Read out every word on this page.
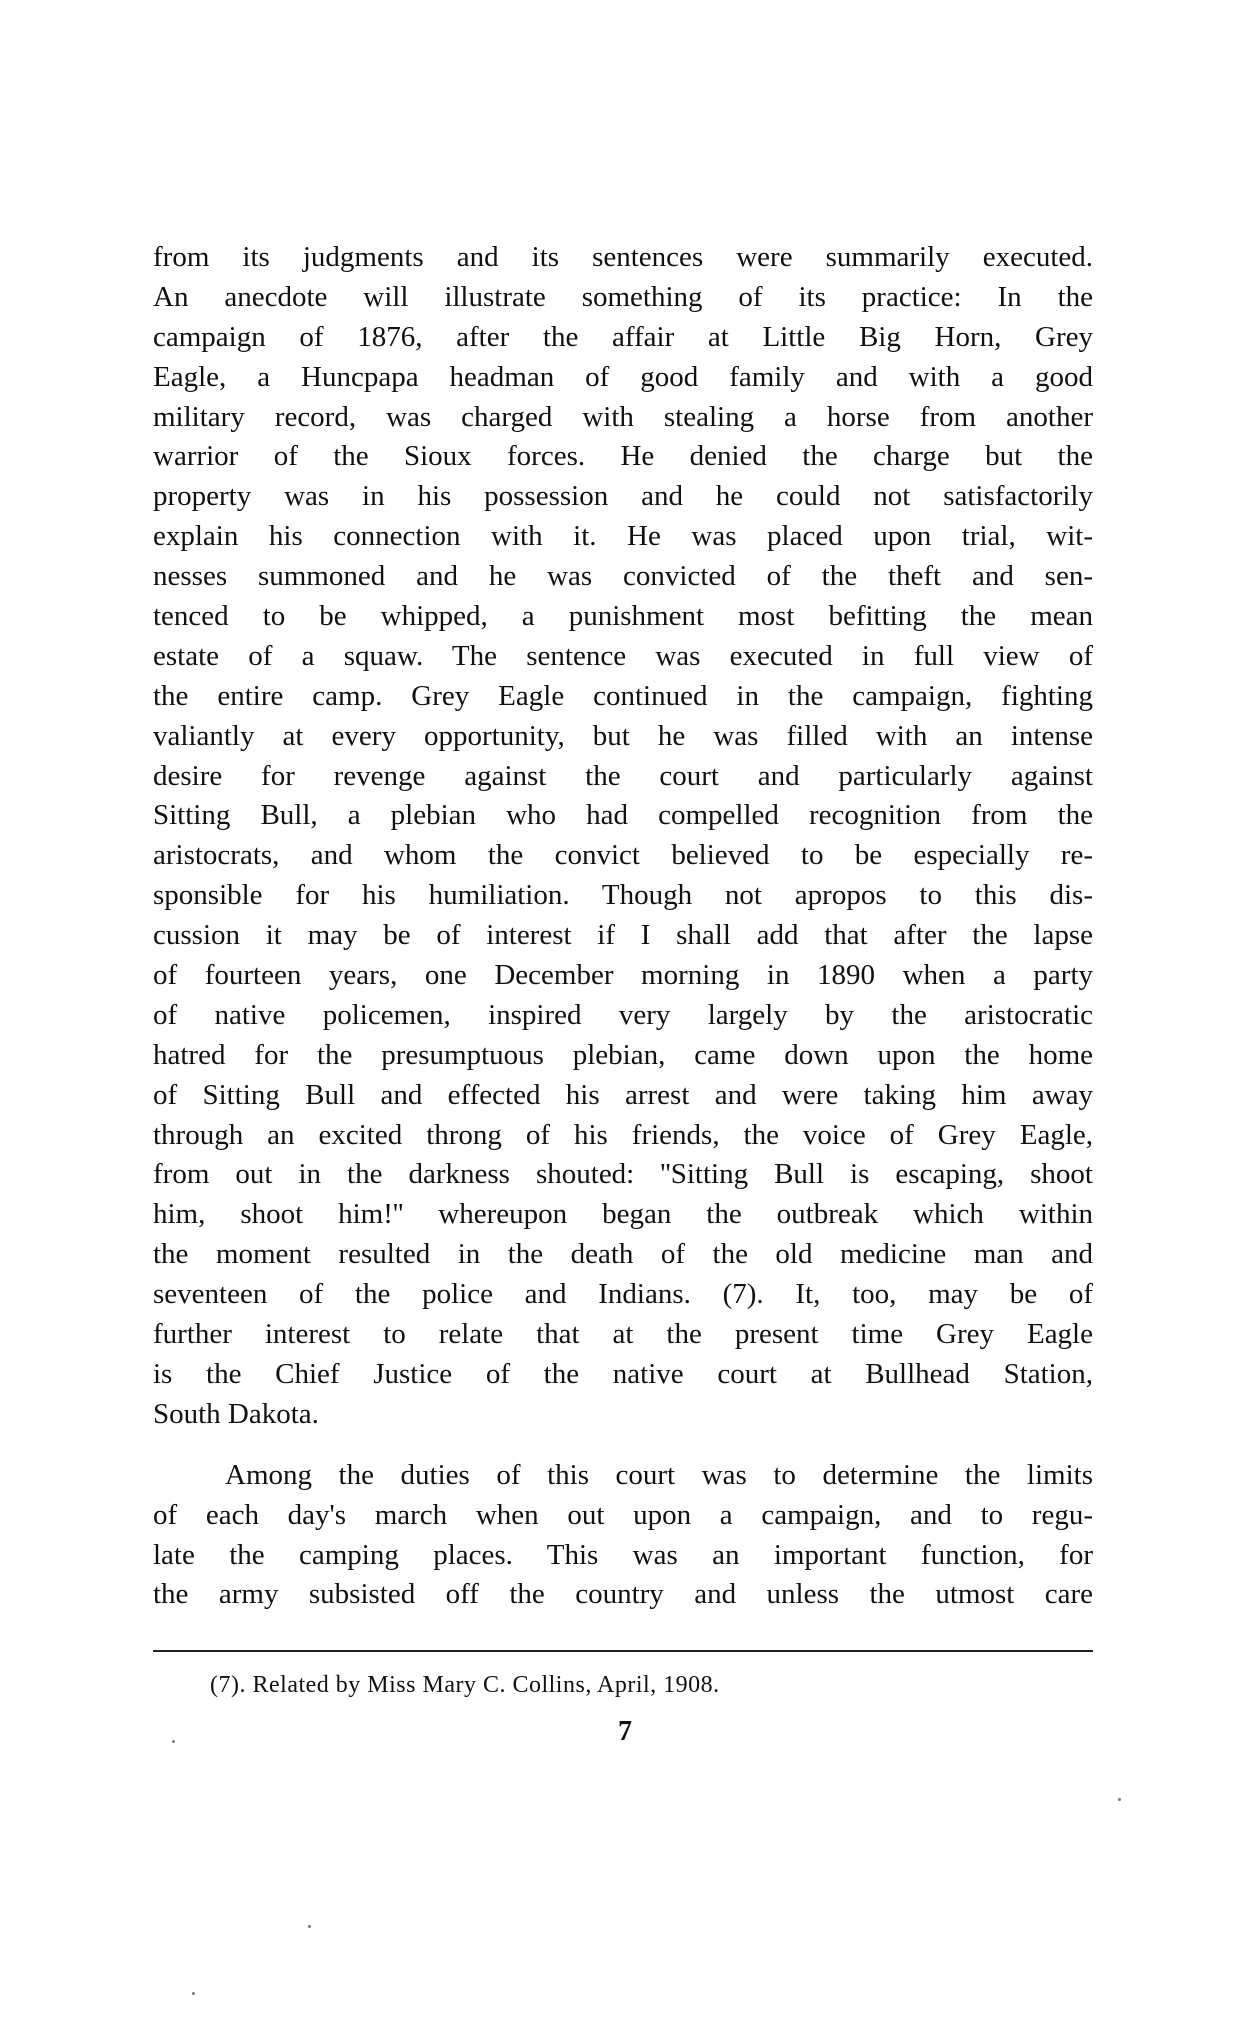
from its judgments and its sentences were summarily executed.
An anecdote will illustrate something of its practice: In the
campaign of 1876, after the affair at Little Big Horn, Grey
Eagle, a Huncpapa headman of good family and with a good
military record, was charged with stealing a horse from another
warrior of the Sioux forces. He denied the charge but the
property was in his possession and he could not satisfactorily
explain his connection with it. He was placed upon trial, wit-
nesses summoned and he was convicted of the theft and sen-
tenced to be whipped, a punishment most befitting the mean
estate of a squaw. The sentence was executed in full view of
the entire camp. Grey Eagle continued in the campaign, fighting
valiantly at every opportunity, but he was filled with an intense
desire for revenge against the court and particularly against
Sitting Bull, a plebian who had compelled recognition from the
aristocrats, and whom the convict believed to be especially re-
sponsible for his humiliation. Though not apropos to this dis-
cussion it may be of interest if I shall add that after the lapse
of fourteen years, one December morning in 1890 when a party
of native policemen, inspired very largely by the aristocratic
hatred for the presumptuous plebian, came down upon the home
of Sitting Bull and effected his arrest and were taking him away
through an excited throng of his friends, the voice of Grey Eagle,
from out in the darkness shouted: ''Sitting Bull is escaping, shoot
him, shoot him!'' whereupon began the outbreak which within
the moment resulted in the death of the old medicine man and
seventeen of the police and Indians. (7). It, too, may be of
further interest to relate that at the present time Grey Eagle
is the Chief Justice of the native court at Bullhead Station,
South Dakota.
Among the duties of this court was to determine the limits
of each day's march when out upon a campaign, and to regu-
late the camping places. This was an important function, for
the army subsisted off the country and unless the utmost care
(7). Related by Miss Mary C. Collins, April, 1908.
7
